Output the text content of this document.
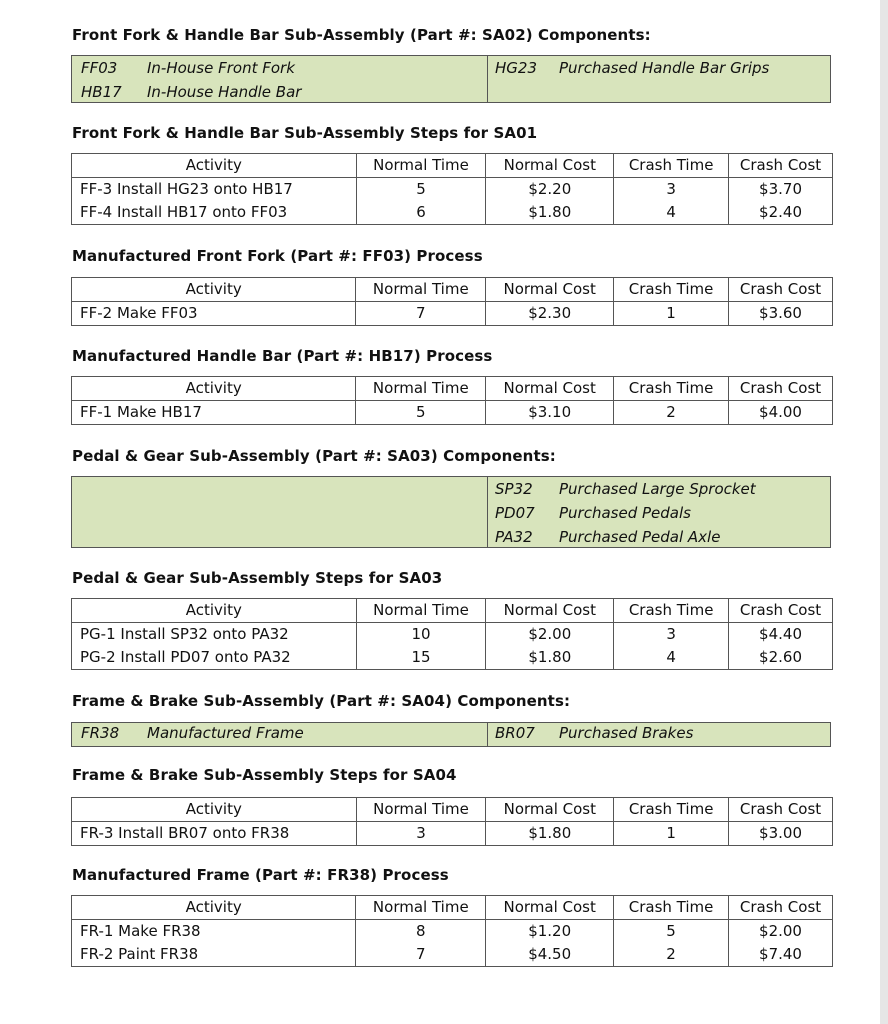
Front Fork & Handle Bar Sub-Assembly (Part #: SA02) Components:
FF03 In-House Front Fork
HB17 In-House Handle Bar
HG23 Purchased Handle Bar Grips
Front Fork & Handle Bar Sub-Assembly Steps for SA01
Activity	Normal Time	Normal Cost	Crash Time	Crash Cost
FF-3 Install HG23 onto HB17	5	$2.20	3	$3.70
FF-4 Install HB17 onto FF03	6	$1.80	4	$2.40
Manufactured Front Fork (Part #: FF03) Process
Activity	Normal Time	Normal Cost	Crash Time	Crash Cost
FF-2 Make FF03	7	$2.30	1	$3.60
Manufactured Handle Bar (Part #: HB17) Process
Activity	Normal Time	Normal Cost	Crash Time	Crash Cost
FF-1 Make HB17	5	$3.10	2	$4.00
Pedal & Gear Sub-Assembly (Part #: SA03) Components:
SP32 Purchased Large Sprocket
PD07 Purchased Pedals
PA32 Purchased Pedal Axle
Pedal & Gear Sub-Assembly Steps for SA03
Activity	Normal Time	Normal Cost	Crash Time	Crash Cost
PG-1 Install SP32 onto PA32	10	$2.00	3	$4.40
PG-2 Install PD07 onto PA32	15	$1.80	4	$2.60
Frame & Brake Sub-Assembly (Part #: SA04) Components:
FR38 Manufactured Frame	BR07 Purchased Brakes
Frame & Brake Sub-Assembly Steps for SA04
Activity	Normal Time	Normal Cost	Crash Time	Crash Cost
FR-3 Install BR07 onto FR38	3	$1.80	1	$3.00
Manufactured Frame (Part #: FR38) Process
Activity	Normal Time	Normal Cost	Crash Time	Crash Cost
FR-1 Make FR38	8	$1.20	5	$2.00
FR-2 Paint FR38	7	$4.50	2	$7.40
